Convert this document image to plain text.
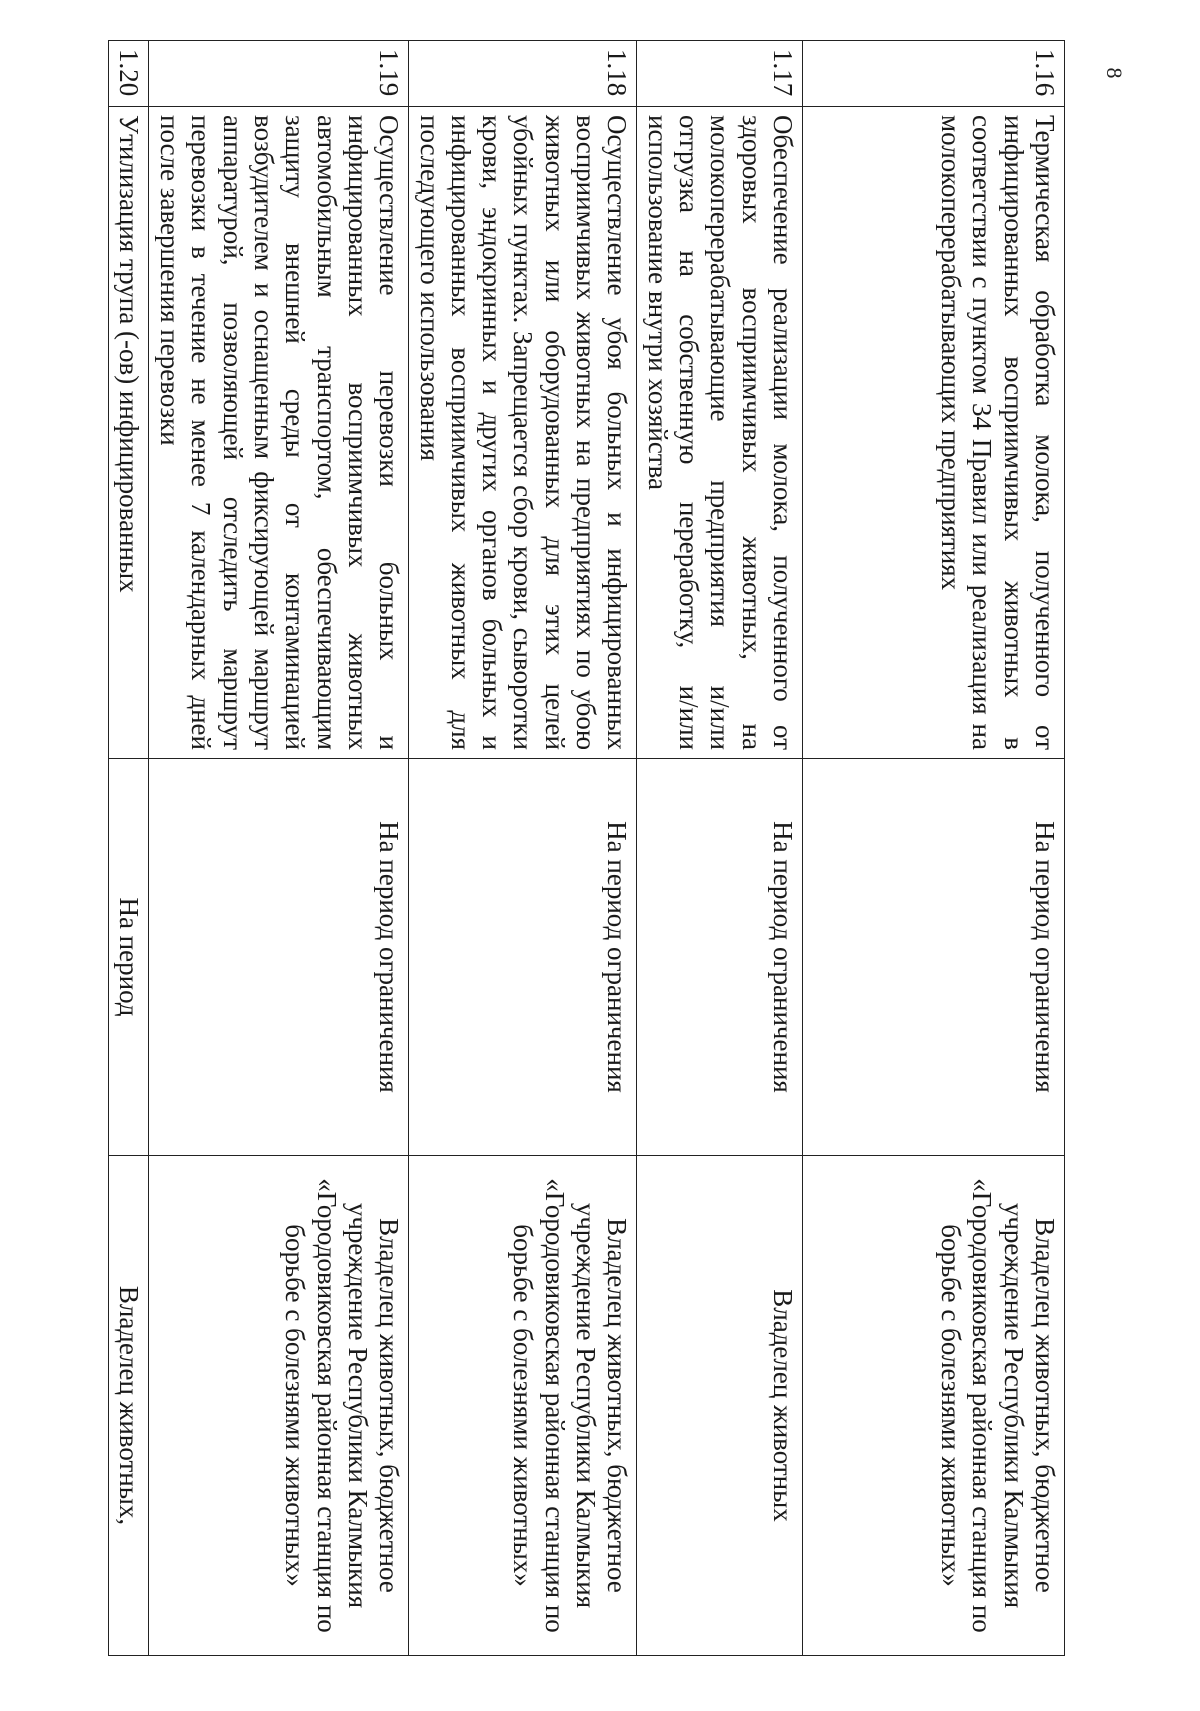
8
1.16	Термическая обработка молока, полученного от инфицированных восприимчивых животных в соответствии с пунктом 34 Правил или реализация на молокоперерабатывающих предприятиях	На период ограничения	Владелец животных, бюджетное учреждение Республики Калмыкия «Городовиковская районная станция по борьбе с болезнями животных»
1.17	Обеспечение реализации молока, полученного от здоровых восприимчивых животных, на молокоперерабатывающие предприятия и/или отгрузка на собственную переработку, и/или использование внутри хозяйства	На период ограничения	Владелец животных
1.18	Осуществление убоя больных и инфицированных восприимчивых животных на предприятиях по убою животных или оборудованных для этих целей убойных пунктах. Запрещается сбор крови, сыворотки крови, эндокринных и других органов больных и инфицированных восприимчивых животных для последующего использования	На период ограничения	Владелец животных, бюджетное учреждение Республики Калмыкия «Городовиковская районная станция по борьбе с болезнями животных»
1.19	Осуществление перевозки больных и инфицированных восприимчивых животных автомобильным транспортом, обеспечивающим защиту внешней среды от контаминацией возбудителем и оснащенным фиксирующей маршрут аппаратурой, позволяющей отследить маршрут перевозки в течение не менее 7 календарных дней после завершения перевозки	На период ограничения	Владелец животных, бюджетное учреждение Республики Калмыкия «Городовиковская районная станция по борьбе с болезнями животных»
1.20	Утилизация трупа (-ов) инфицированных	На период	Владелец животных,
